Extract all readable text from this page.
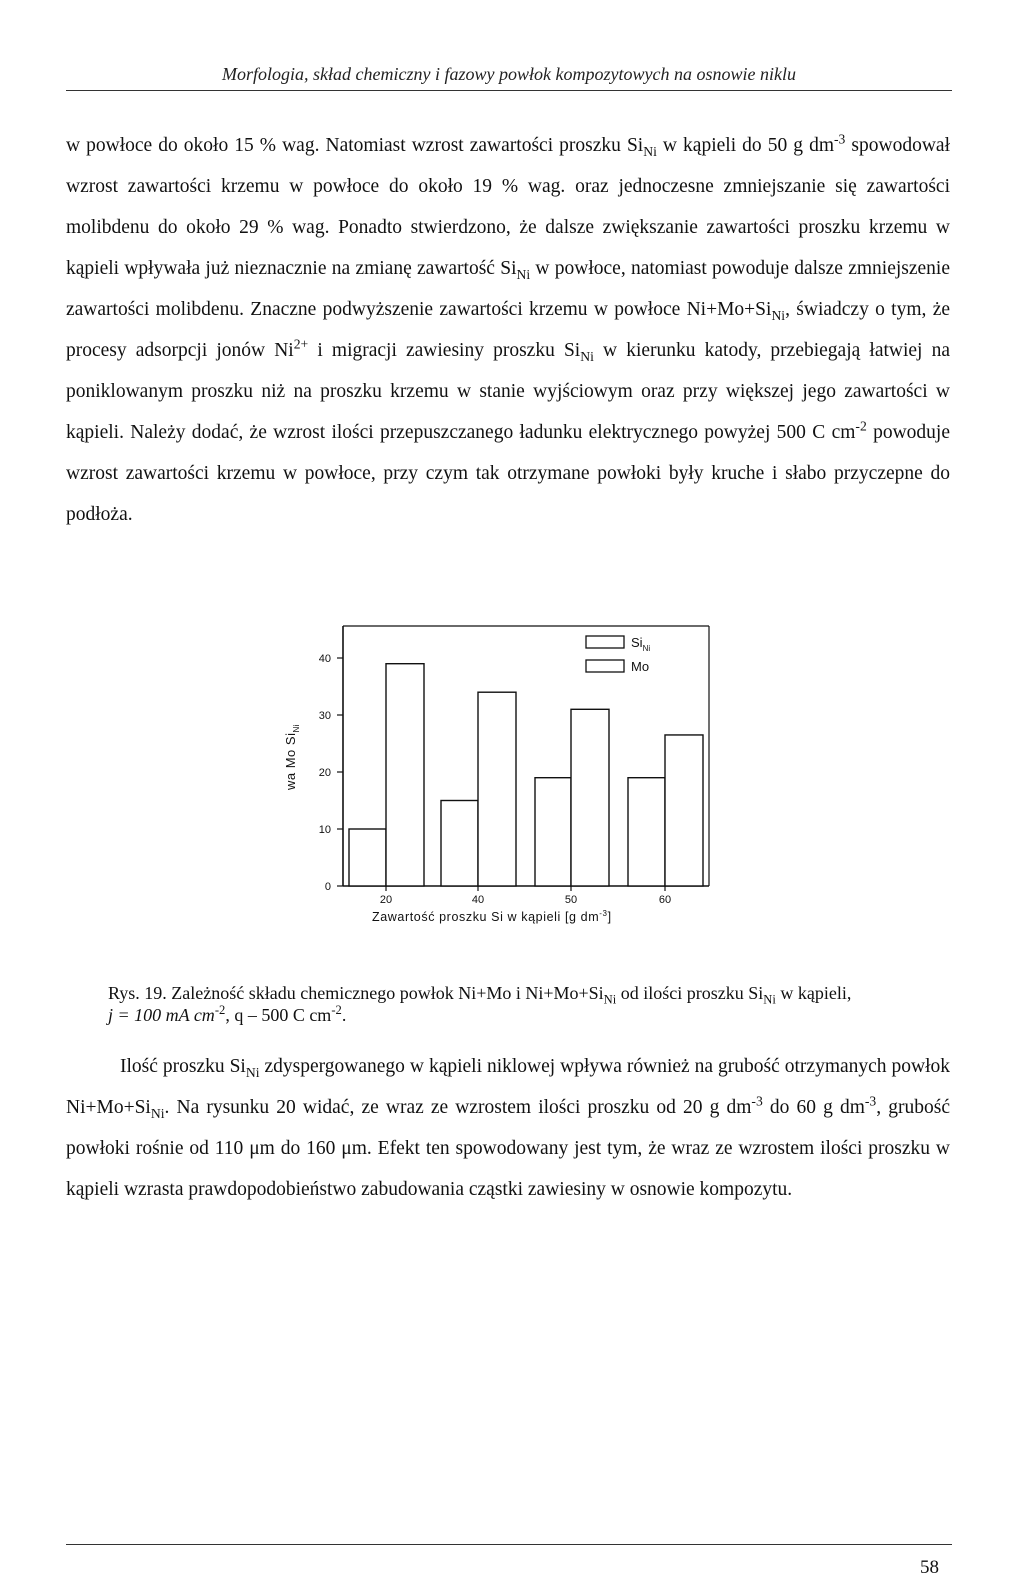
Morfologia, skład chemiczny i fazowy powłok kompozytowych na osnowie niklu

w powłoce do około 15 % wag. Natomiast wzrost zawartości proszku $Si_{Ni}$ w kąpieli do 50 g $dm^{-3}$ spowodował wzrost zawartości krzemu w powłoce do około 19 % wag. oraz jednoczesne zmniejszanie się zawartości molibdenu do około 29 % wag. Ponadto stwierdzono, że dalsze zwiększanie zawartości proszku krzemu w kąpieli wpływała już nieznacznie na zmianę zawartość $Si_{Ni}$ w powłoce, natomiast powoduje dalsze zmniejszenie zawartości molibdenu. Znaczne podwyższenie zawartości krzemu w powłoce $Ni+Mo+Si_{Ni}$, świadczy o tym, że procesy adsorpcji jonów $Ni^{2+}$ i migracji zawiesiny proszku $Si_{Ni}$ w kierunku katody, przebiegają łatwiej na poniklowanym proszku niż na proszku krzemu w stanie wyjściowym oraz przy większej jego zawartości w kąpieli. Należy dodać, że wzrost ilości przepuszczanego ładunku elektrycznego powyżej 500 C $cm^{-2}$ powoduje wzrost zawartości krzemu w powłoce, przy czym tak otrzymane powłoki były kruche i słabo przyczepne do podłoża.

0
10
20
30
40
20	40	50	60
Zawartość proszku Si w kąpieli [g $dm^{-3}$]
wa Mo $Si_{Ni}$
$Si_{Ni}$
Mo

Rys. 19. Zależność składu chemicznego powłok Ni+Mo i $Ni+Mo+Si_{Ni}$ od ilości proszku $Si_{Ni}$ w kąpieli,

j = 100 mA $cm^{-2}$, q – 500 C $cm^{-2}$.

Ilość proszku $Si_{Ni}$ zdyspergowanego w kąpieli niklowej wpływa również na grubość otrzymanych powłok $Ni+Mo+Si_{Ni}$. Na rysunku 20 widać, ze wraz ze wzrostem ilości proszku od 20 g $dm^{-3}$ do 60 g $dm^{-3}$, grubość powłoki rośnie od 110 μm do 160 μm. Efekt ten spowodowany jest tym, że wraz ze wzrostem ilości proszku w kąpieli wzrasta prawdopodobieństwo zabudowania cząstki zawiesiny w osnowie kompozytu.

58
